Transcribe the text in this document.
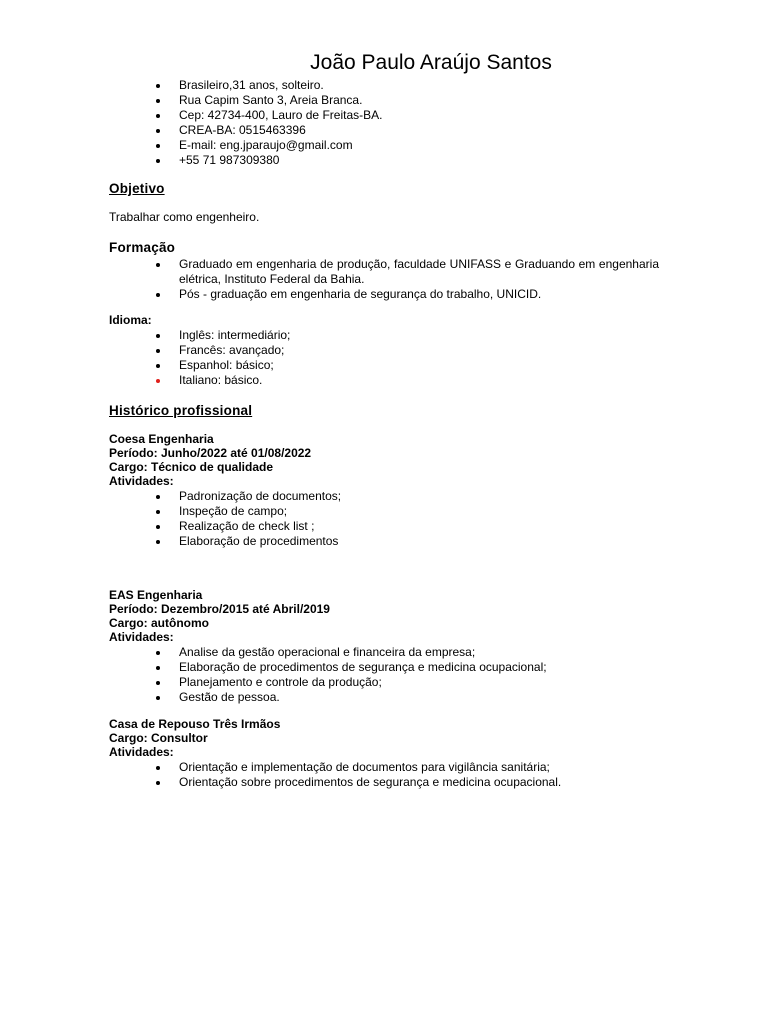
João Paulo Araújo Santos
Brasileiro,31 anos, solteiro.
Rua Capim Santo 3, Areia Branca.
Cep: 42734-400, Lauro de Freitas-BA.
CREA-BA: 0515463396
E-mail: eng.jparaujo@gmail.com
+55 71 987309380
Objetivo
Trabalhar como engenheiro.
Formação
Graduado em engenharia de produção, faculdade UNIFASS e Graduando em engenharia elétrica, Instituto Federal da Bahia.
Pós - graduação em engenharia de segurança do trabalho, UNICID.
Idioma:
Inglês: intermediário;
Francês: avançado;
Espanhol: básico;
Italiano: básico.
Histórico profissional
Coesa Engenharia
Período: Junho/2022 até 01/08/2022
Cargo: Técnico de qualidade
Atividades:
Padronização de documentos;
Inspeção de campo;
Realização de check list ;
Elaboração de procedimentos
EAS Engenharia
Período: Dezembro/2015 até Abril/2019
Cargo: autônomo
Atividades:
Analise da gestão operacional e financeira da empresa;
Elaboração de procedimentos de segurança e medicina ocupacional;
Planejamento e controle da produção;
Gestão de pessoa.
Casa de Repouso Três Irmãos
Cargo: Consultor
Atividades:
Orientação e implementação de documentos para vigilância sanitária;
Orientação sobre procedimentos de segurança e medicina ocupacional.
